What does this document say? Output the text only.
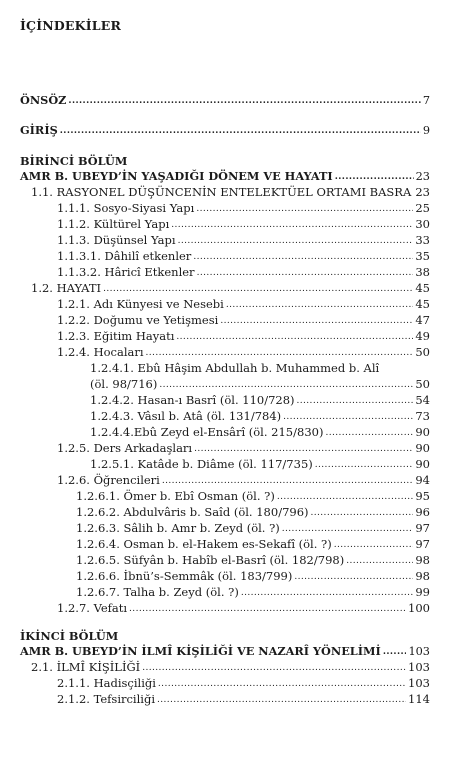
İÇİNDEKİLER
ÖNSÖZ .....	7
GİRİŞ .....	9
BİRİNCİ BÖLÜM
AMR B. UBEYD’İN YAŞADIĞI DÖNEM VE HAYATI .....	23
1.1. RASYONEL DÜŞÜNCENİN ENTELEKTÜEL ORTAMI BASRA ..... 23
1.1.1. Sosyo-Siyasi Yapı .....	25
1.1.2. Kültürel Yapı .....	30
1.1.3. Düşünsel Yapı .....	33
1.1.3.1. Dâhilî etkenler .....	35
1.1.3.2. Hâricî Etkenler .....	38
1.2. HAYATI .....	45
1.2.1. Adı Künyesi ve Nesebi .....	45
1.2.2. Doğumu ve Yetişmesi .....	47
1.2.3. Eğitim Hayatı .....	49
1.2.4. Hocaları .....	50
1.2.4.1. Ebû Hâşim Abdullah b. Muhammed b. Alî
(öl. 98/716) .....	50
1.2.4.2. Hasan-ı Basrî (öl. 110/728) .....	54
1.2.4.3. Vâsıl b. Atâ (öl. 131/784) .....	73
1.2.4.4.Ebû Zeyd el-Ensârî (öl. 215/830) .....	90
1.2.5. Ders Arkadaşları .....	90
1.2.5.1. Katâde b. Diâme (öl. 117/735) .....	90
1.2.6. Öğrencileri .....	94
1.2.6.1. Ömer b. Ebî Osman (öl. ?) .....	95
1.2.6.2. Abdulvâris b. Saîd (öl. 180/796) .....	96
1.2.6.3. Sâlih b. Amr b. Zeyd (öl. ?) .....	97
1.2.6.4. Osman b. el-Hakem es-Sekafî (öl. ?) .....	97
1.2.6.5. Süfyân b. Habîb el-Basrî (öl. 182/798) .....	98
1.2.6.6. İbnü’s-Semmâk (öl. 183/799) .....	98
1.2.6.7. Talha b. Zeyd (öl. ?) .....	99
1.2.7. Vefatı .....	100
İKİNCİ BÖLÜM
AMR B. UBEYD’İN İLMÎ KİŞİLİĞİ VE NAZARÎ YÖNELİMİ ..... 103
2.1. İLMÎ KİŞİLİĞİ .....	103
2.1.1. Hadisçiliği .....	103
2.1.2. Tefsirciliği .....	114
